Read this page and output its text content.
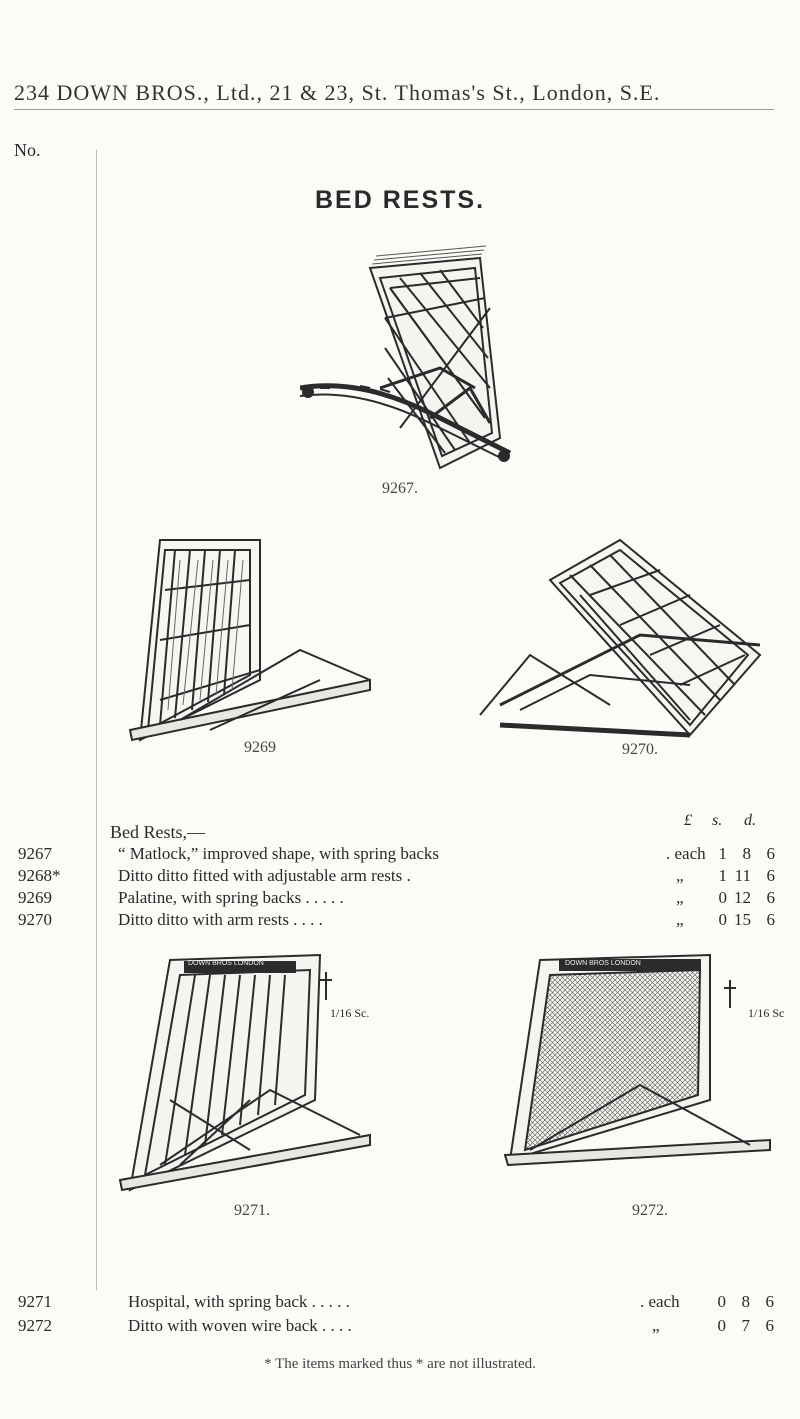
234 DOWN BROS., Ltd., 21 & 23, St. Thomas's St., London, S.E.
No.
BED RESTS.
9267.
9269	9270.
£ s. d.
Bed Rests,—
9267	“ Matlock,” improved shape, with spring backs	. each 1 8 6
9268*	Ditto ditto fitted with adjustable arm rests .	„	1 11 6
9269	Palatine, with spring backs . . . . .	„	0 12 6
9270	Ditto ditto with arm rests . . . .	„	0 15 6
DOWN BROS LONDON
1/16 Sc.
9271.
DOWN BROS LONDON
1/16 Sc
9272.
9271	Hospital, with spring back . . . . .	. each	0 8 6
9272	Ditto with woven wire back . . . .	„	0 7 6
* The items marked thus * are not illustrated.
